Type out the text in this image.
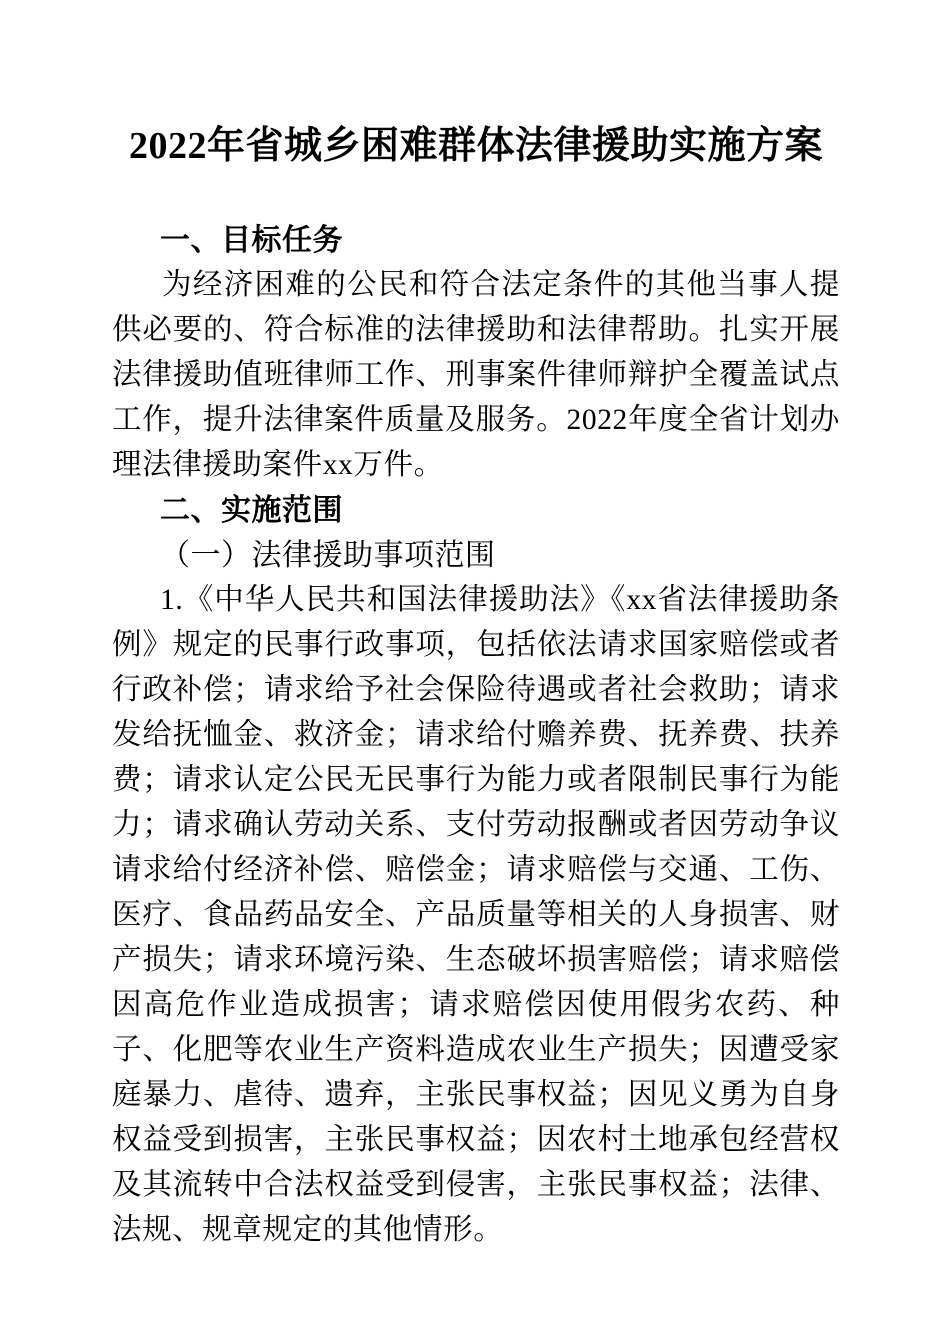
2022年省城乡困难群体法律援助实施方案
一、目标任务

为经济困难的公民和符合法定条件的其他当事人提供必要的、符合标准的法律援助和法律帮助。扎实开展法律援助值班律师工作、刑事案件律师辩护全覆盖试点工作，提升法律案件质量及服务。2022年度全省计划办理法律援助案件xx万件。

二、实施范围
（一）法律援助事项范围

1.《中华人民共和国法律援助法》《xx省法律援助条例》规定的民事行政事项，包括依法请求国家赔偿或者行政补偿；请求给予社会保险待遇或者社会救助；请求发给抚恤金、救济金；请求给付赡养费、抚养费、扶养费；请求认定公民无民事行为能力或者限制民事行为能力；请求确认劳动关系、支付劳动报酬或者因劳动争议请求给付经济补偿、赔偿金；请求赔偿与交通、工伤、医疗、食品药品安全、产品质量等相关的人身损害、财产损失；请求环境污染、生态破坏损害赔偿；请求赔偿因高危作业造成损害；请求赔偿因使用假劣农药、种子、化肥等农业生产资料造成农业生产损失；因遭受家庭暴力、虐待、遗弃，主张民事权益；因见义勇为自身权益受到损害，主张民事权益；因农村土地承包经营权及其流转中合法权益受到侵害，主张民事权益；法律、法规、规章规定的其他情形。
